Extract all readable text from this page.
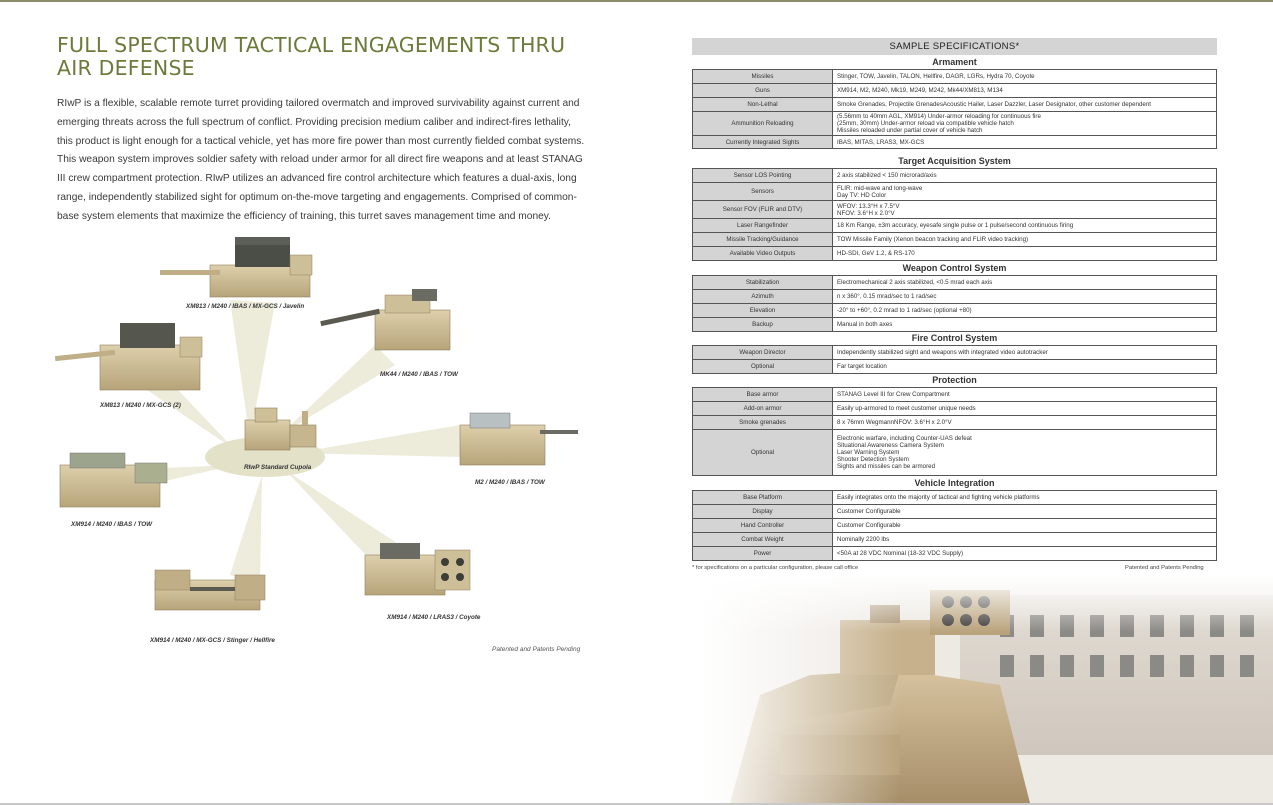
FULL SPECTRUM TACTICAL ENGAGEMENTS THRU
AIR DEFENSE

RIwP is a flexible, scalable remote turret providing tailored overmatch and improved survivability against current and emerging threats across the full spectrum of conflict. Providing precision medium caliber and indirect-fires lethality, this product is light enough for a tactical vehicle, yet has more fire power than most currently fielded combat systems.

This weapon system improves soldier safety with reload under armor for all direct fire weapons and at least STANAG III crew compartment protection. RIwP utilizes an advanced fire control architecture which features a dual-axis, long range, independently stabilized sight for optimum on-the-move targeting and engagements. Comprised of common-base system elements that maximize the efficiency of training, this turret saves management time and money.

XM813 / M240 / IBAS / MX-GCS / Javelin
MK44 / M240 / IBAS / TOW
XM813 / M240 / MX-GCS (2)
RIwP Standard Cupola
M2 / M240 / IBAS / TOW
XM914 / M240 / IBAS / TOW
XM914 / M240 / LRAS3 / Coyote
XM914 / M240 / MX-GCS / Stinger / Hellfire
Patented and Patents Pending
SAMPLE SPECIFICATIONS*
Armament
Missiles	Stinger, TOW, Javelin, TALON, Hellfire, DAGR, LGRs, Hydra 70, Coyote

Guns	XM914, M2, M240, Mk19, M249, M242, Mk44/XM813, M134

Non-Lethal	Smoke Grenades, Projectile GrenadesAcoustic Hailer, Laser Dazzler, Laser Designator, other customer dependent

Ammunition Reloading	(5.56mm to 40mm AGL, XM914) Under-armor reloading for continuous fire
(25mm, 30mm) Under-armor reload via compatible vehicle hatch
Missiles reloaded under partial cover of vehicle hatch

Currently Integrated Sights	IBAS, MITAS, LRAS3, MX-GCS
Target Acquisition System
Sensor LOS Pointing	2 axis stabilized < 150 microrad/axis

Sensors	FLIR: mid-wave and long-wave
Day TV: HD Color

Sensor FOV (FLIR and DTV)	WFOV: 13.3°H x 7.5°V
NFOV: 3.6°H x 2.0°V

Laser Rangefinder	18 Km Range, ±3m accuracy, eyesafe single pulse or 1 pulse/second continuous firing

Missile Tracking/Guidance	TOW Missile Family (Xenon beacon tracking and FLIR video tracking)

Available Video Outputs	HD-SDI, GeV 1.2, & RS-170
Weapon Control System
Stabilization	Electromechanical 2 axis stabilized, <0.5 mrad each axis

Azimuth	n x 360°, 0.15 mrad/sec to 1 rad/sec

Elevation	-20° to +60°, 0.2 mrad to 1 rad/sec (optional +80)

Backup	Manual in both axes
Fire Control System
Weapon Director	Independently stabilized sight and weapons with integrated video autotracker

Optional	Far target location
Protection
Base armor	STANAG Level III for Crew Compartment

Add-on armor	Easily up-armored to meet customer unique needs

Smoke grenades	8 x 76mm WegmannNFOV: 3.6°H x 2.0°V

Optional	Electronic warfare, including Counter-UAS defeat
Situational Awareness Camera System
Laser Warning System
Shooter Detection System
Sights and missiles can be armored
Vehicle Integration
Base Platform	Easily integrates onto the majority of tactical and fighting vehicle platforms

Display	Customer Configurable

Hand Controller	Customer Configurable

Combat Weight	Nominally 2200 lbs

Power	<50A at 28 VDC Nominal (18-32 VDC Supply)
* for specifications on a particular configuration, please call office	Patented and Patents Pending
